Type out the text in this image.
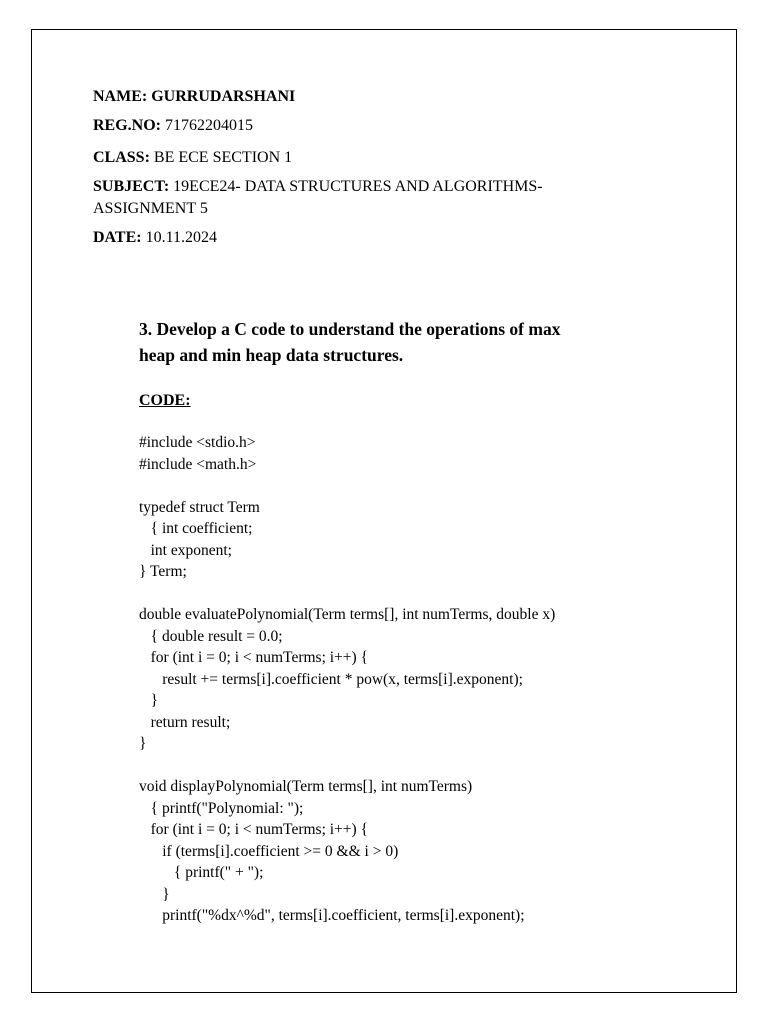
NAME: GURRUDARSHANI
REG.NO: 71762204015
CLASS: BE ECE SECTION 1
SUBJECT: 19ECE24- DATA STRUCTURES AND ALGORITHMS-
ASSIGNMENT 5
DATE: 10.11.2024
3. Develop a C code to understand the operations of max
heap and min heap data structures.
CODE:
#include <stdio.h>
#include <math.h>
typedef struct Term
{ int coefficient;
int exponent;
} Term;
double evaluatePolynomial(Term terms[], int numTerms, double x)
{ double result = 0.0;
for (int i = 0; i < numTerms; i++) {
result += terms[i].coefficient * pow(x, terms[i].exponent);
}
return result;
}
void displayPolynomial(Term terms[], int numTerms)
{ printf("Polynomial: ");
for (int i = 0; i < numTerms; i++) {
if (terms[i].coefficient >= 0 && i > 0)
{ printf(" + ");
}
printf("%dx^%d", terms[i].coefficient, terms[i].exponent);
